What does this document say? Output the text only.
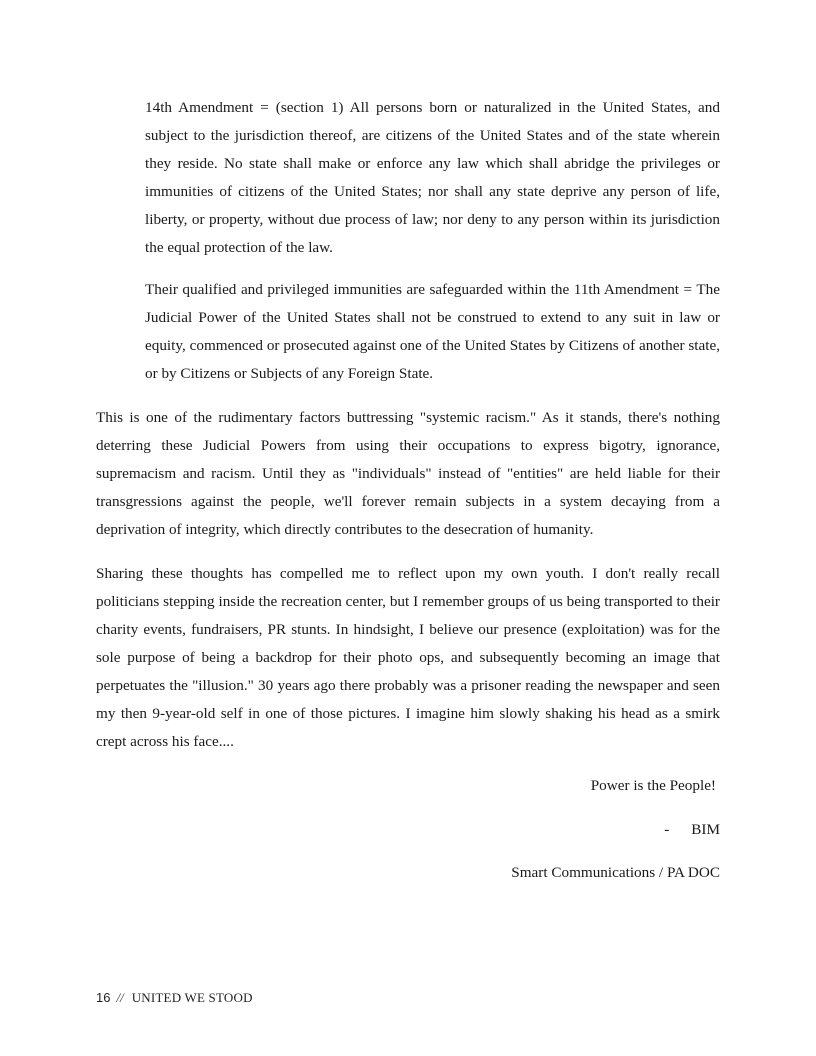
14th Amendment = (section 1) All persons born or naturalized in the United States, and subject to the jurisdiction thereof, are citizens of the United States and of the state wherein they reside. No state shall make or enforce any law which shall abridge the privileges or immunities of citizens of the United States; nor shall any state deprive any person of life, liberty, or property, without due process of law; nor deny to any person within its jurisdiction the equal protection of the law.

Their qualified and privileged immunities are safeguarded within the 11th Amendment = The Judicial Power of the United States shall not be construed to extend to any suit in law or equity, commenced or prosecuted against one of the United States by Citizens of another state, or by Citizens or Subjects of any Foreign State.

This is one of the rudimentary factors buttressing "systemic racism." As it stands, there's nothing deterring these Judicial Powers from using their occupations to express bigotry, ignorance, supremacism and racism. Until they as "individuals" instead of "entities" are held liable for their transgressions against the people, we'll forever remain subjects in a system decaying from a deprivation of integrity, which directly contributes to the desecration of humanity.

Sharing these thoughts has compelled me to reflect upon my own youth. I don't really recall politicians stepping inside the recreation center, but I remember groups of us being transported to their charity events, fundraisers, PR stunts. In hindsight, I believe our presence (exploitation) was for the sole purpose of being a backdrop for their photo ops, and subsequently becoming an image that perpetuates the "illusion." 30 years ago there probably was a prisoner reading the newspaper and seen my then 9-year-old self in one of those pictures. I imagine him slowly shaking his head as a smirk crept across his face....

Power is the People!

- BIM

Smart Communications / PA DOC

16 // UNITED WE STOOD
